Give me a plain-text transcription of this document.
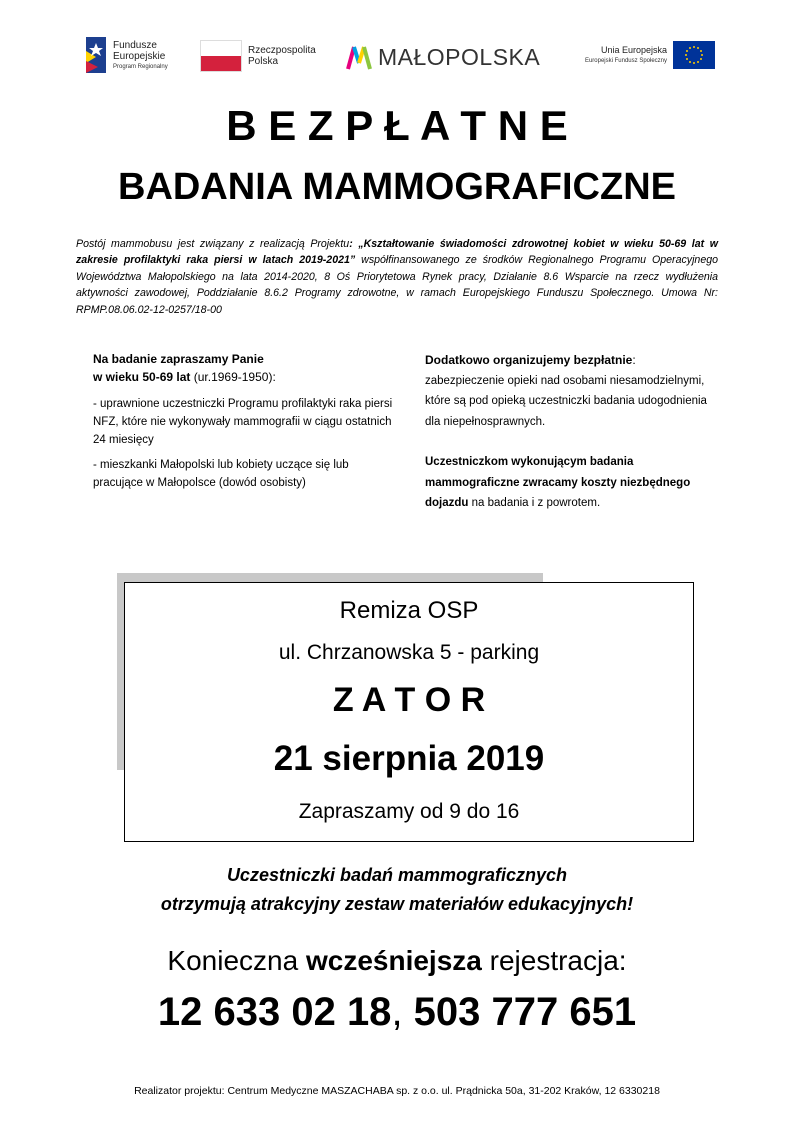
Fundusze
Europejskie
Program Regionalny
Rzeczpospolita
Polska	MAŁOPOLSKA	Unia Europejska
Europejski Fundusz Społeczny
B E Z P Ł A T N E
BADANIA MAMMOGRAFICZNE
Postój mammobusu jest związany z realizacją Projektu: „Kształtowanie świadomości zdrowotnej kobiet w wieku 50-69 lat w zakresie profilaktyki raka piersi w latach 2019-2021” współfinansowanego ze środków Regionalnego Programu Operacyjnego Województwa Małopolskiego na lata 2014-2020, 8 Oś Priorytetowa Rynek pracy, Działanie 8.6 Wsparcie na rzecz wydłużenia aktywności zawodowej, Poddziałanie 8.6.2 Programy zdrowotne, w ramach Europejskiego Funduszu Społecznego. Umowa Nr: RPMP.08.06.02-12-0257/18-00

Na badanie zapraszamy Panie

w wieku 50-69 lat (ur.1969-1950):

- uprawnione uczestniczki Programu profilaktyki raka piersi NFZ, które nie wykonywały mammografii w ciągu ostatnich 24 miesięcy

- mieszkanki Małopolski lub kobiety uczące się lub pracujące w Małopolsce (dowód osobisty)

Dodatkowo organizujemy bezpłatnie:

zabezpieczenie opieki nad osobami niesamodzielnymi, które są pod opieką uczestniczki badania udogodnienia dla niepełnosprawnych.

Uczestniczkom wykonującym badania mammograficzne zwracamy koszty niezbędnego dojazdu na badania i z powrotem.

Remiza OSP
ul. Chrzanowska 5 - parking
Z A T O R
21 sierpnia 2019
Zapraszamy od 9 do 16
Uczestniczki badań mammograficznych
otrzymują atrakcyjny zestaw materiałów edukacyjnych!
Konieczna wcześniejsza rejestracja:
12 633 02 18, 503 777 651
Realizator projektu: Centrum Medyczne MASZACHABA sp. z o.o. ul. Prądnicka 50a, 31-202 Kraków, 12 6330218
